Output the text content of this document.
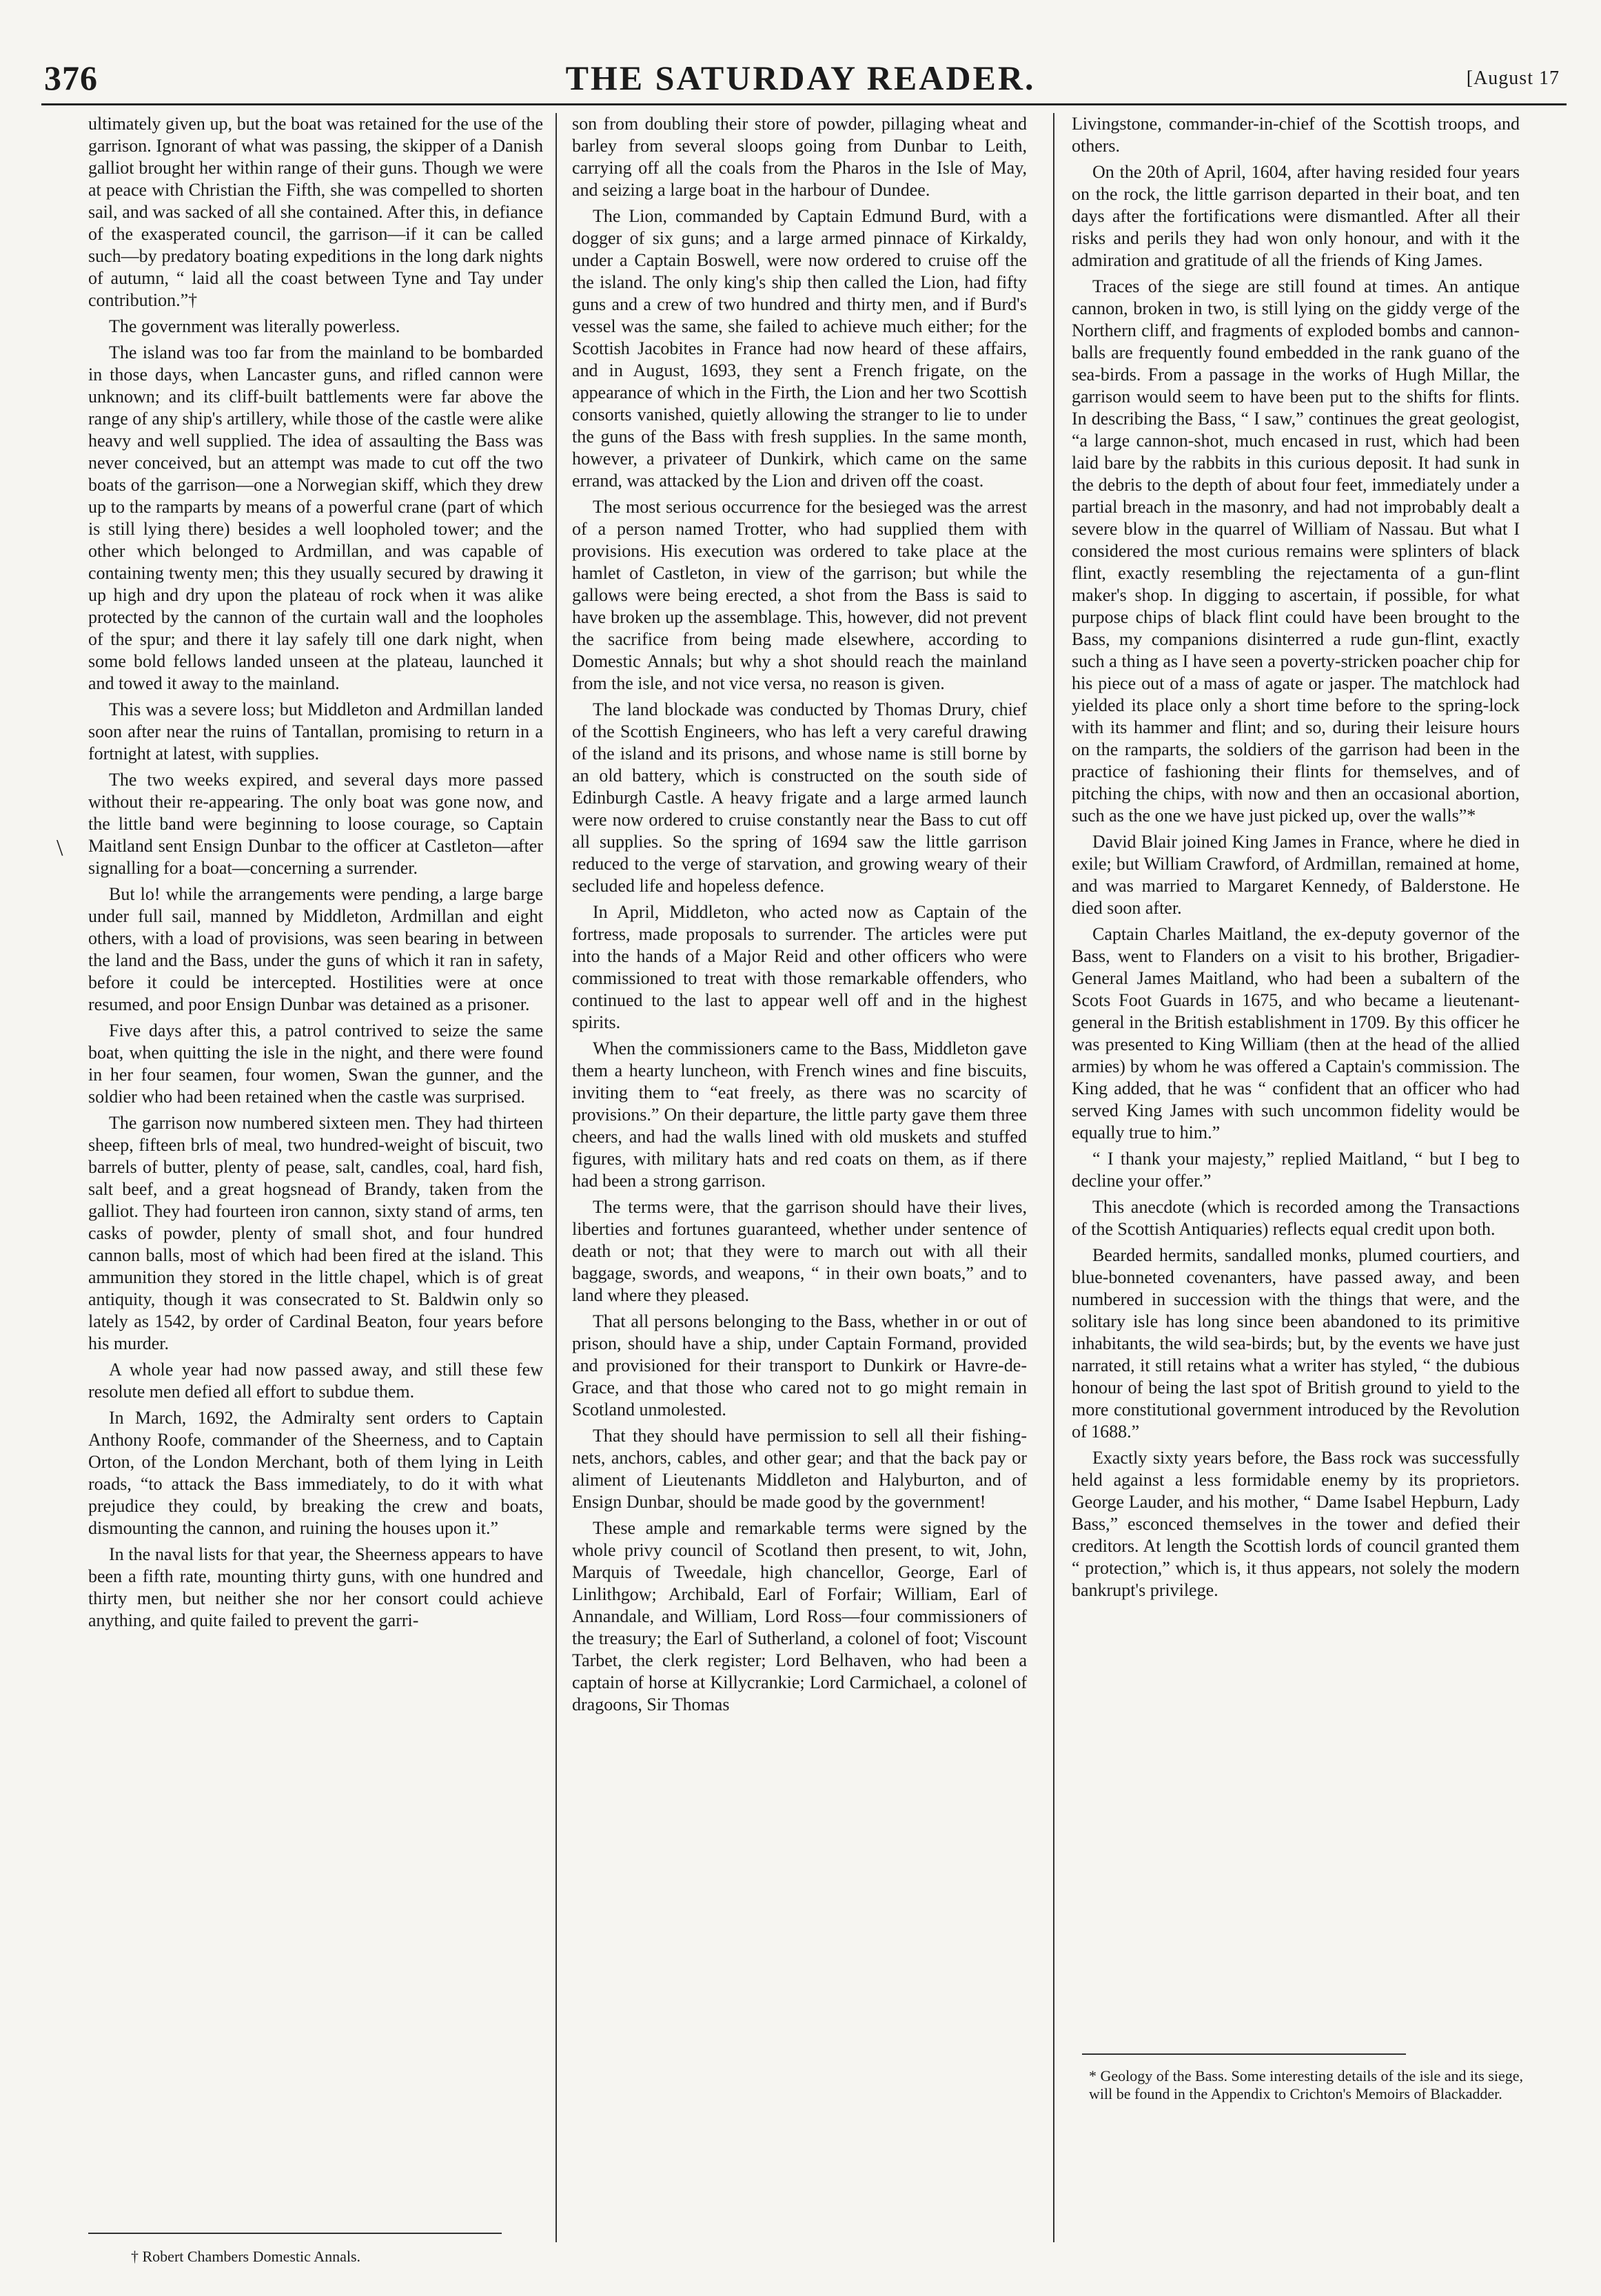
376	THE SATURDAY READER.	[August 17
\

ultimately given up, but the boat was retained for the use of the garrison. Ignorant of what was passing, the skipper of a Danish galliot brought her within range of their guns. Though we were at peace with Christian the Fifth, she was compelled to shorten sail, and was sacked of all she contained. After this, in defiance of the exasperated council, the garrison—if it can be called such—by predatory boating expeditions in the long dark nights of autumn, “ laid all the coast between Tyne and Tay under contribution.”†

The government was literally powerless.

The island was too far from the mainland to be bombarded in those days, when Lancaster guns, and rifled cannon were unknown; and its cliff-built battlements were far above the range of any ship's artillery, while those of the castle were alike heavy and well supplied. The idea of assaulting the Bass was never conceived, but an attempt was made to cut off the two boats of the garrison—one a Norwegian skiff, which they drew up to the ramparts by means of a powerful crane (part of which is still lying there) besides a well loopholed tower; and the other which belonged to Ardmillan, and was capable of containing twenty men; this they usually secured by drawing it up high and dry upon the plateau of rock when it was alike protected by the cannon of the curtain wall and the loopholes of the spur; and there it lay safely till one dark night, when some bold fellows landed unseen at the plateau, launched it and towed it away to the mainland.

This was a severe loss; but Middleton and Ardmillan landed soon after near the ruins of Tantallan, promising to return in a fortnight at latest, with supplies.

The two weeks expired, and several days more passed without their re-appearing. The only boat was gone now, and the little band were beginning to loose courage, so Captain Maitland sent Ensign Dunbar to the officer at Castleton—after signalling for a boat—concerning a surrender.

But lo! while the arrangements were pending, a large barge under full sail, manned by Middleton, Ardmillan and eight others, with a load of provisions, was seen bearing in between the land and the Bass, under the guns of which it ran in safety, before it could be intercepted. Hostilities were at once resumed, and poor Ensign Dunbar was detained as a prisoner.

Five days after this, a patrol contrived to seize the same boat, when quitting the isle in the night, and there were found in her four seamen, four women, Swan the gunner, and the soldier who had been retained when the castle was surprised.

The garrison now numbered sixteen men. They had thirteen sheep, fifteen brls of meal, two hundred-weight of biscuit, two barrels of butter, plenty of pease, salt, candles, coal, hard fish, salt beef, and a great hogsnead of Brandy, taken from the galliot. They had fourteen iron cannon, sixty stand of arms, ten casks of powder, plenty of small shot, and four hundred cannon balls, most of which had been fired at the island. This ammunition they stored in the little chapel, which is of great antiquity, though it was consecrated to St. Baldwin only so lately as 1542, by order of Cardinal Beaton, four years before his murder.

A whole year had now passed away, and still these few resolute men defied all effort to subdue them.

In March, 1692, the Admiralty sent orders to Captain Anthony Roofe, commander of the Sheerness, and to Captain Orton, of the London Merchant, both of them lying in Leith roads, “to attack the Bass immediately, to do it with what prejudice they could, by breaking the crew and boats, dismounting the cannon, and ruining the houses upon it.”

In the naval lists for that year, the Sheerness appears to have been a fifth rate, mounting thirty guns, with one hundred and thirty men, but neither she nor her consort could achieve anything, and quite failed to prevent the garri-

† Robert Chambers Domestic Annals.

son from doubling their store of powder, pillaging wheat and barley from several sloops going from Dunbar to Leith, carrying off all the coals from the Pharos in the Isle of May, and seizing a large boat in the harbour of Dundee.

The Lion, commanded by Captain Edmund Burd, with a dogger of six guns; and a large armed pinnace of Kirkaldy, under a Captain Boswell, were now ordered to cruise off the the island. The only king's ship then called the Lion, had fifty guns and a crew of two hundred and thirty men, and if Burd's vessel was the same, she failed to achieve much either; for the Scottish Jacobites in France had now heard of these affairs, and in August, 1693, they sent a French frigate, on the appearance of which in the Firth, the Lion and her two Scottish consorts vanished, quietly allowing the stranger to lie to under the guns of the Bass with fresh supplies. In the same month, however, a privateer of Dunkirk, which came on the same errand, was attacked by the Lion and driven off the coast.

The most serious occurrence for the besieged was the arrest of a person named Trotter, who had supplied them with provisions. His execution was ordered to take place at the hamlet of Castleton, in view of the garrison; but while the gallows were being erected, a shot from the Bass is said to have broken up the assemblage. This, however, did not prevent the sacrifice from being made elsewhere, according to Domestic Annals; but why a shot should reach the mainland from the isle, and not vice versa, no reason is given.

The land blockade was conducted by Thomas Drury, chief of the Scottish Engineers, who has left a very careful drawing of the island and its prisons, and whose name is still borne by an old battery, which is constructed on the south side of Edinburgh Castle. A heavy frigate and a large armed launch were now ordered to cruise constantly near the Bass to cut off all supplies. So the spring of 1694 saw the little garrison reduced to the verge of starvation, and growing weary of their secluded life and hopeless defence.

In April, Middleton, who acted now as Captain of the fortress, made proposals to surrender. The articles were put into the hands of a Major Reid and other officers who were commissioned to treat with those remarkable offenders, who continued to the last to appear well off and in the highest spirits.

When the commissioners came to the Bass, Middleton gave them a hearty luncheon, with French wines and fine biscuits, inviting them to “eat freely, as there was no scarcity of provisions.” On their departure, the little party gave them three cheers, and had the walls lined with old muskets and stuffed figures, with military hats and red coats on them, as if there had been a strong garrison.

The terms were, that the garrison should have their lives, liberties and fortunes guaranteed, whether under sentence of death or not; that they were to march out with all their baggage, swords, and weapons, “ in their own boats,” and to land where they pleased.

That all persons belonging to the Bass, whether in or out of prison, should have a ship, under Captain Formand, provided and provisioned for their transport to Dunkirk or Havre-de-Grace, and that those who cared not to go might remain in Scotland unmolested.

That they should have permission to sell all their fishing-nets, anchors, cables, and other gear; and that the back pay or aliment of Lieutenants Middleton and Halyburton, and of Ensign Dunbar, should be made good by the government!

These ample and remarkable terms were signed by the whole privy council of Scotland then present, to wit, John, Marquis of Tweedale, high chancellor, George, Earl of Linlithgow; Archibald, Earl of Forfair; William, Earl of Annandale, and William, Lord Ross—four commissioners of the treasury; the Earl of Sutherland, a colonel of foot; Viscount Tarbet, the clerk register; Lord Belhaven, who had been a captain of horse at Killycrankie; Lord Carmichael, a colonel of dragoons, Sir Thomas

Livingstone, commander-in-chief of the Scottish troops, and others.

On the 20th of April, 1604, after having resided four years on the rock, the little garrison departed in their boat, and ten days after the fortifications were dismantled. After all their risks and perils they had won only honour, and with it the admiration and gratitude of all the friends of King James.

Traces of the siege are still found at times. An antique cannon, broken in two, is still lying on the giddy verge of the Northern cliff, and fragments of exploded bombs and cannon-balls are frequently found embedded in the rank guano of the sea-birds. From a passage in the works of Hugh Millar, the garrison would seem to have been put to the shifts for flints. In describing the Bass, “ I saw,” continues the great geologist, “a large cannon-shot, much encased in rust, which had been laid bare by the rabbits in this curious deposit. It had sunk in the debris to the depth of about four feet, immediately under a partial breach in the masonry, and had not improbably dealt a severe blow in the quarrel of William of Nassau. But what I considered the most curious remains were splinters of black flint, exactly resembling the rejectamenta of a gun-flint maker's shop. In digging to ascertain, if possible, for what purpose chips of black flint could have been brought to the Bass, my companions disinterred a rude gun-flint, exactly such a thing as I have seen a poverty-stricken poacher chip for his piece out of a mass of agate or jasper. The matchlock had yielded its place only a short time before to the spring-lock with its hammer and flint; and so, during their leisure hours on the ramparts, the soldiers of the garrison had been in the practice of fashioning their flints for themselves, and of pitching the chips, with now and then an occasional abortion, such as the one we have just picked up, over the walls”*

David Blair joined King James in France, where he died in exile; but William Crawford, of Ardmillan, remained at home, and was married to Margaret Kennedy, of Balderstone. He died soon after.

Captain Charles Maitland, the ex-deputy governor of the Bass, went to Flanders on a visit to his brother, Brigadier-General James Maitland, who had been a subaltern of the Scots Foot Guards in 1675, and who became a lieutenant-general in the British establishment in 1709. By this officer he was presented to King William (then at the head of the allied armies) by whom he was offered a Captain's commission. The King added, that he was “ confident that an officer who had served King James with such uncommon fidelity would be equally true to him.”

“ I thank your majesty,” replied Maitland, “ but I beg to decline your offer.”

This anecdote (which is recorded among the Transactions of the Scottish Antiquaries) reflects equal credit upon both.

Bearded hermits, sandalled monks, plumed courtiers, and blue-bonneted covenanters, have passed away, and been numbered in succession with the things that were, and the solitary isle has long since been abandoned to its primitive inhabitants, the wild sea-birds; but, by the events we have just narrated, it still retains what a writer has styled, “ the dubious honour of being the last spot of British ground to yield to the more constitutional government introduced by the Revolution of 1688.”

Exactly sixty years before, the Bass rock was successfully held against a less formidable enemy by its proprietors. George Lauder, and his mother, “ Dame Isabel Hepburn, Lady Bass,” esconced themselves in the tower and defied their creditors. At length the Scottish lords of council granted them “ protection,” which is, it thus appears, not solely the modern bankrupt's privilege.

* Geology of the Bass. Some interesting details of the isle and its siege, will be found in the Appendix to Crichton's Memoirs of Blackadder.
